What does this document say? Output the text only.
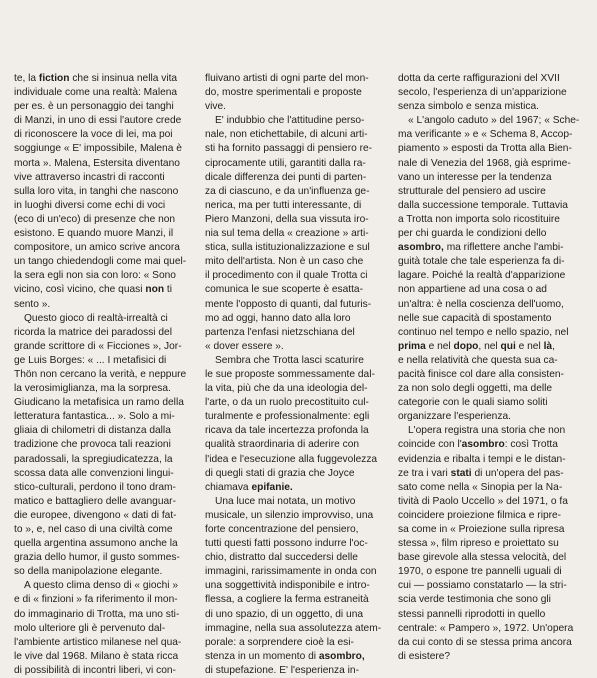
te, la fiction che si insinua nella vita
individuale come una realtà: Malena
per es. è un personaggio dei tanghi
di Manzi, in uno di essi l'autore crede
di riconoscere la voce di lei, ma poi
soggiunge « E' impossibile, Malena è
morta ». Malena, Estersita diventano
vive attraverso incastri di racconti
sulla loro vita, in tanghi che nascono
in luoghi diversi come echi di voci
(eco di un'eco) di presenze che non
esistono. E quando muore Manzi, il
compositore, un amico scrive ancora
un tango chiedendogli come mai quel-
la sera egli non sia con loro: « Sono
vicino, così vicino, che quasi non ti
sento ».
Questo gioco di realtà-irrealtà ci
ricorda la matrice dei paradossi del
grande scrittore di « Ficciones », Jor-
ge Luis Borges: « ... I metafisici di
Thön non cercano la verità, e neppure
la verosimiglianza, ma la sorpresa.
Giudicano la metafisica un ramo della
letteratura fantastica... ». Solo a mi-
gliaia di chilometri di distanza dalla
tradizione che provoca tali reazioni
paradossali, la spregiudicatezza, la
scossa data alle convenzioni lingui-
stico-culturali, perdono il tono dram-
matico e battagliero delle avanguar-
die europee, divengono « dati di fat-
to », e, nel caso di una civiltà come
quella argentina assumono anche la
grazia dello humor, il gusto sommes-
so della manipolazione elegante.
A questo clima denso di « giochi »
e di « finzioni » fa riferimento il mon-
do immaginario di Trotta, ma uno sti-
molo ulteriore gli è pervenuto dal-
l'ambiente artistico milanese nel qua-
le vive dal 1968. Milano è stata ricca
di possibilità di incontri liberi, vi con-
fluivano artisti di ogni parte del mon-
do, mostre sperimentali e proposte
vive.
E' indubbio che l'attitudine perso-
nale, non etichettabile, di alcuni arti-
sti ha fornito passaggi di pensiero re-
ciprocamente utili, garantiti dalla ra-
dicale differenza dei punti di parten-
za di ciascuno, e da un'influenza ge-
nerica, ma per tutti interessante, di
Piero Manzoni, della sua vissuta iro-
nia sul tema della « creazione » arti-
stica, sulla istituzionalizzazione e sul
mito dell'artista. Non è un caso che
il procedimento con il quale Trotta ci
comunica le sue scoperte è esatta-
mente l'opposto di quanti, dal futuris-
mo ad oggi, hanno dato alla loro
partenza l'enfasi nietzschiana del
« dover essere ».
Sembra che Trotta lasci scaturire
le sue proposte sommessamente dal-
la vita, più che da una ideologia del-
l'arte, o da un ruolo precostituito cul-
turalmente e professionalmente: egli
ricava da tale incertezza profonda la
qualità straordinaria di aderire con
l'idea e l'esecuzione alla fuggevolezza
di quegli stati di grazia che Joyce
chiamava epifanie.
Una luce mai notata, un motivo
musicale, un silenzio improvviso, una
forte concentrazione del pensiero,
tutti questi fatti possono indurre l'oc-
chio, distratto dal succedersi delle
immagini, rarissimamente in onda con
una soggettività indisponibile e intro-
flessa, a cogliere la ferma estraneità
di uno spazio, di un oggetto, di una
immagine, nella sua assolutezza atem-
porale: a sorprendere cioè la esi-
stenza in un momento di asombro,
di stupefazione. E' l'esperienza in-
dotta da certe raffigurazioni del XVII
secolo, l'esperienza di un'apparizione
senza simbolo e senza mistica.
« L'angolo caduto » del 1967; « Sche-
ma verificante » e « Schema 8, Accop-
piamento » esposti da Trotta alla Bien-
nale di Venezia del 1968, già esprime-
vano un interesse per la tendenza
strutturale del pensiero ad uscire
dalla successione temporale. Tuttavia
a Trotta non importa solo ricostituire
per chi guarda le condizioni dello
asombro, ma riflettere anche l'ambi-
guità totale che tale esperienza fa di-
lagare. Poiché la realtà d'apparizione
non appartiene ad una cosa o ad
un'altra: è nella coscienza dell'uomo,
nelle sue capacità di spostamento
continuo nel tempo e nello spazio, nel
prima e nel dopo, nel qui e nel là,
e nella relatività che questa sua ca-
pacità finisce col dare alla consisten-
za non solo degli oggetti, ma delle
categorie con le quali siamo soliti
organizzare l'esperienza.
L'opera registra una storia che non
coincide con l'asombro: così Trotta
evidenzia e ribalta i tempi e le distan-
ze tra i vari stati di un'opera del pas-
sato come nella « Sinopia per la Na-
tività di Paolo Uccello » del 1971, o fa
coincidere proiezione filmica e ripre-
sa come in « Proiezione sulla ripresa
stessa », film ripreso e proiettato su
base girevole alla stessa velocità, del
1970, o espone tre pannelli uguali di
cui — possiamo constatarlo — la stri-
scia verde testimonia che sono gli
stessi pannelli riprodotti in quello
centrale: « Pampero », 1972. Un'opera
da cui conto di se stessa prima ancora
di esistere?
